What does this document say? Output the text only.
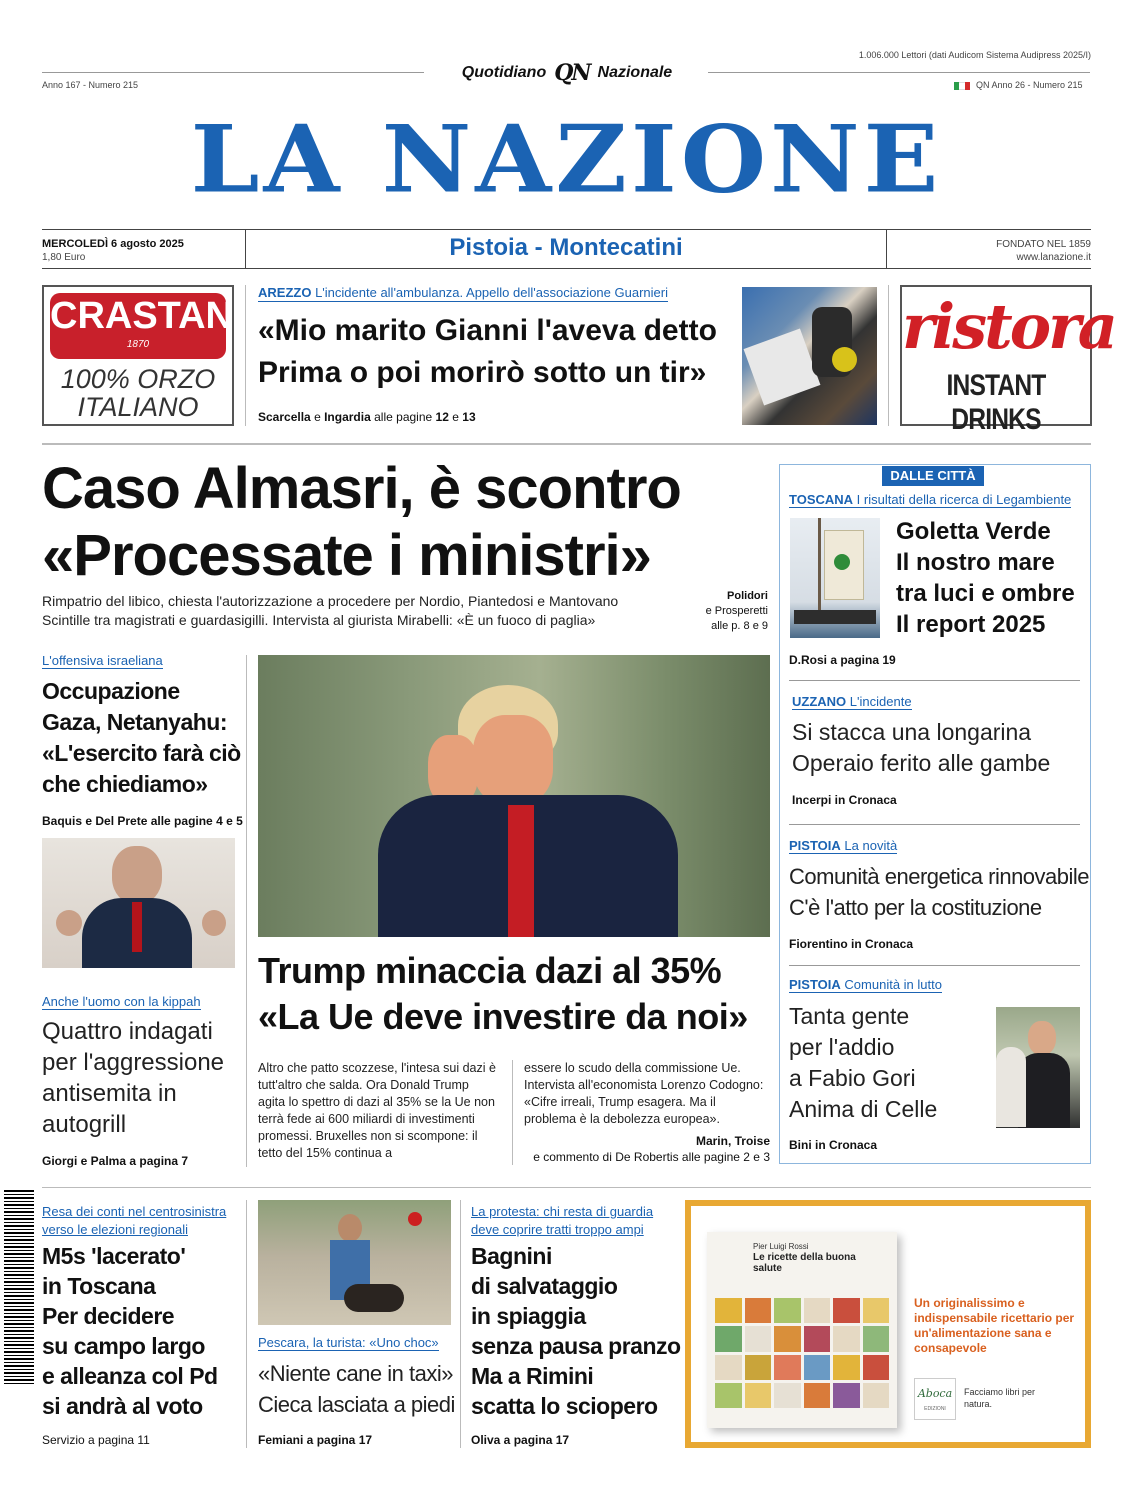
1.006.000 Lettori (dati Audicom Sistema Audipress 2025/I)
Quotidiano QN Nazionale
Anno 167 - Numero 215	QN Anno 26 - Numero 215
LA NAZIONE
MERCOLEDÌ 6 agosto 2025
1,80 Euro	Pistoia - Montecatini	FONDATO NEL 1859
www.lanazione.it
CRASTAN
1870
100% ORZO
ITALIANO
AREZZO L'incidente all'ambulanza. Appello dell'associazione Guarnieri
«Mio marito Gianni l'aveva detto
Prima o poi morirò sotto un tir»
Scarcella e Ingardia alle pagine 12 e 13
ristora
INSTANT DRINKS
Caso Almasri, è scontro
«Processate i ministri»
Rimpatrio del libico, chiesta l'autorizzazione a procedere per Nordio, Piantedosi e Mantovano
Scintille tra magistrati e guardasigilli. Intervista al giurista Mirabelli: «È un fuoco di paglia»
Polidori
e Prosperetti
alle p. 8 e 9
L'offensiva israeliana
Occupazione Gaza, Netanyahu: «L'esercito farà ciò che chiediamo»
Baquis e Del Prete alle pagine 4 e 5
Anche l'uomo con la kippah
Quattro indagati per l'aggressione antisemita in autogrill
Giorgi e Palma a pagina 7
Trump minaccia dazi al 35%
«La Ue deve investire da noi»
Altro che patto scozzese, l'intesa sui dazi è tutt'altro che salda. Ora Donald Trump agita lo spettro di dazi al 35% se la Ue non terrà fede ai 600 miliardi di investimenti promessi. Bruxelles non si scompone: il tetto del 15% continua a
essere lo scudo della commissione Ue. Intervista all'economista Lorenzo Codogno: «Cifre irreali, Trump esagera. Ma il problema è la debolezza europea».
Marin, Troise
e commento di De Robertis alle pagine 2 e 3
DALLE CITTÀ
TOSCANA I risultati della ricerca di Legambiente
Goletta Verde
Il nostro mare
tra luci e ombre
Il report 2025
D.Rosi a pagina 19
UZZANO L'incidente
Si stacca una longarina
Operaio ferito alle gambe
Incerpi in Cronaca
PISTOIA La novità
Comunità energetica rinnovabile
C'è l'atto per la costituzione
Fiorentino in Cronaca
PISTOIA Comunità in lutto
Tanta gente
per l'addio
a Fabio Gori
Anima di Celle
Bini in Cronaca
Resa dei conti nel centrosinistra verso le elezioni regionali
M5s 'lacerato'
in Toscana
Per decidere
su campo largo
e alleanza col Pd
si andrà al voto
Servizio a pagina 11
Pescara, la turista: «Uno choc»
«Niente cane in taxi»
Cieca lasciata a piedi
Femiani a pagina 17
La protesta: chi resta di guardia deve coprire tratti troppo ampi
Bagnini
di salvataggio
in spiaggia
senza pausa pranzo
Ma a Rimini
scatta lo sciopero
Oliva a pagina 17
Pier Luigi Rossi
Le ricette della buona salute
Un originalissimo e indispensabile ricettario per un'alimentazione sana e consapevole
Aboca
EDIZIONI
Facciamo libri per natura.
